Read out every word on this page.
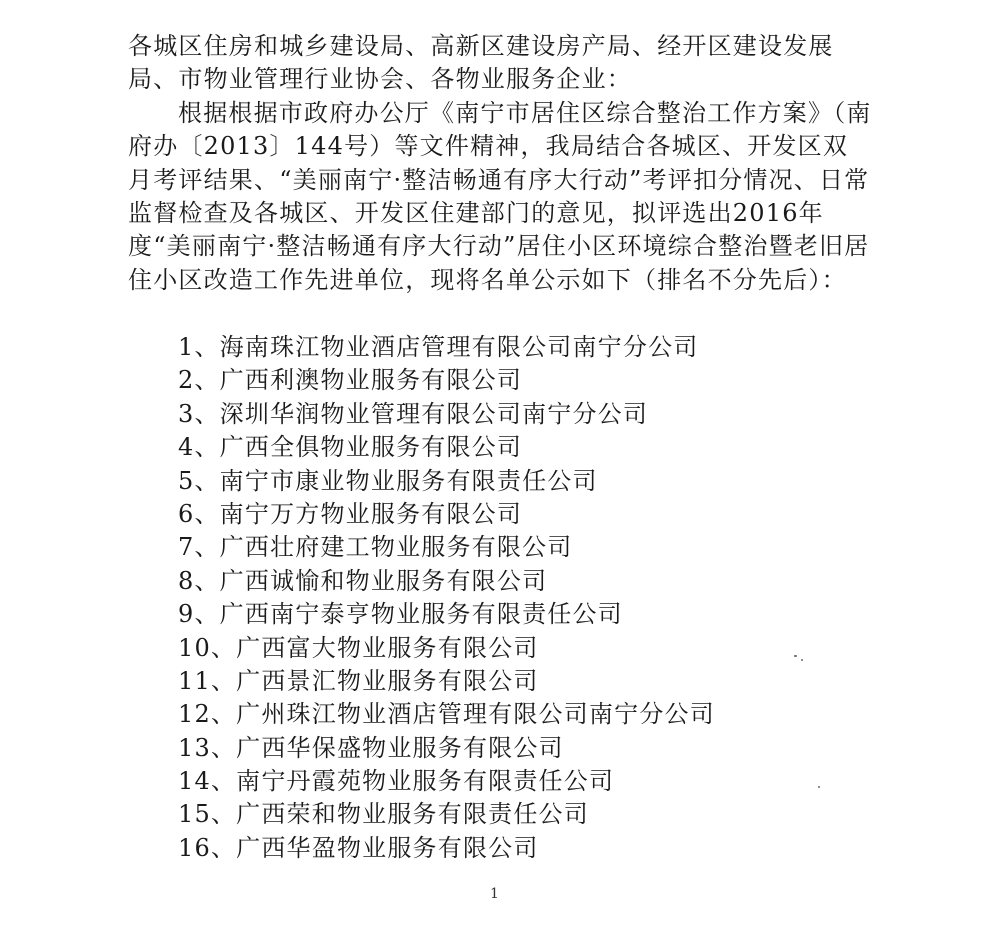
各城区住房和城乡建设局、高新区建设房产局、经开区建设发展局、市物业管理行业协会、各物业服务企业：

根据根据市政府办公厅《南宁市居住区综合整治工作方案》（南府办〔2013〕144号）等文件精神，我局结合各城区、开发区双月考评结果、“美丽南宁·整洁畅通有序大行动”考评扣分情况、日常监督检查及各城区、开发区住建部门的意见，拟评选出2016年度“美丽南宁·整洁畅通有序大行动”居住小区环境综合整治暨老旧居住小区改造工作先进单位，现将名单公示如下（排名不分先后）：

1、海南珠江物业酒店管理有限公司南宁分公司
2、广西利澳物业服务有限公司
3、深圳华润物业管理有限公司南宁分公司
4、广西全俱物业服务有限公司
5、南宁市康业物业服务有限责任公司
6、南宁万方物业服务有限公司
7、广西壮府建工物业服务有限公司
8、广西诚愉和物业服务有限公司
9、广西南宁泰亨物业服务有限责任公司
10、广西富大物业服务有限公司
11、广西景汇物业服务有限公司
12、广州珠江物业酒店管理有限公司南宁分公司
13、广西华保盛物业服务有限公司
14、南宁丹霞苑物业服务有限责任公司
15、广西荣和物业服务有限责任公司
16、广西华盈物业服务有限公司
1
